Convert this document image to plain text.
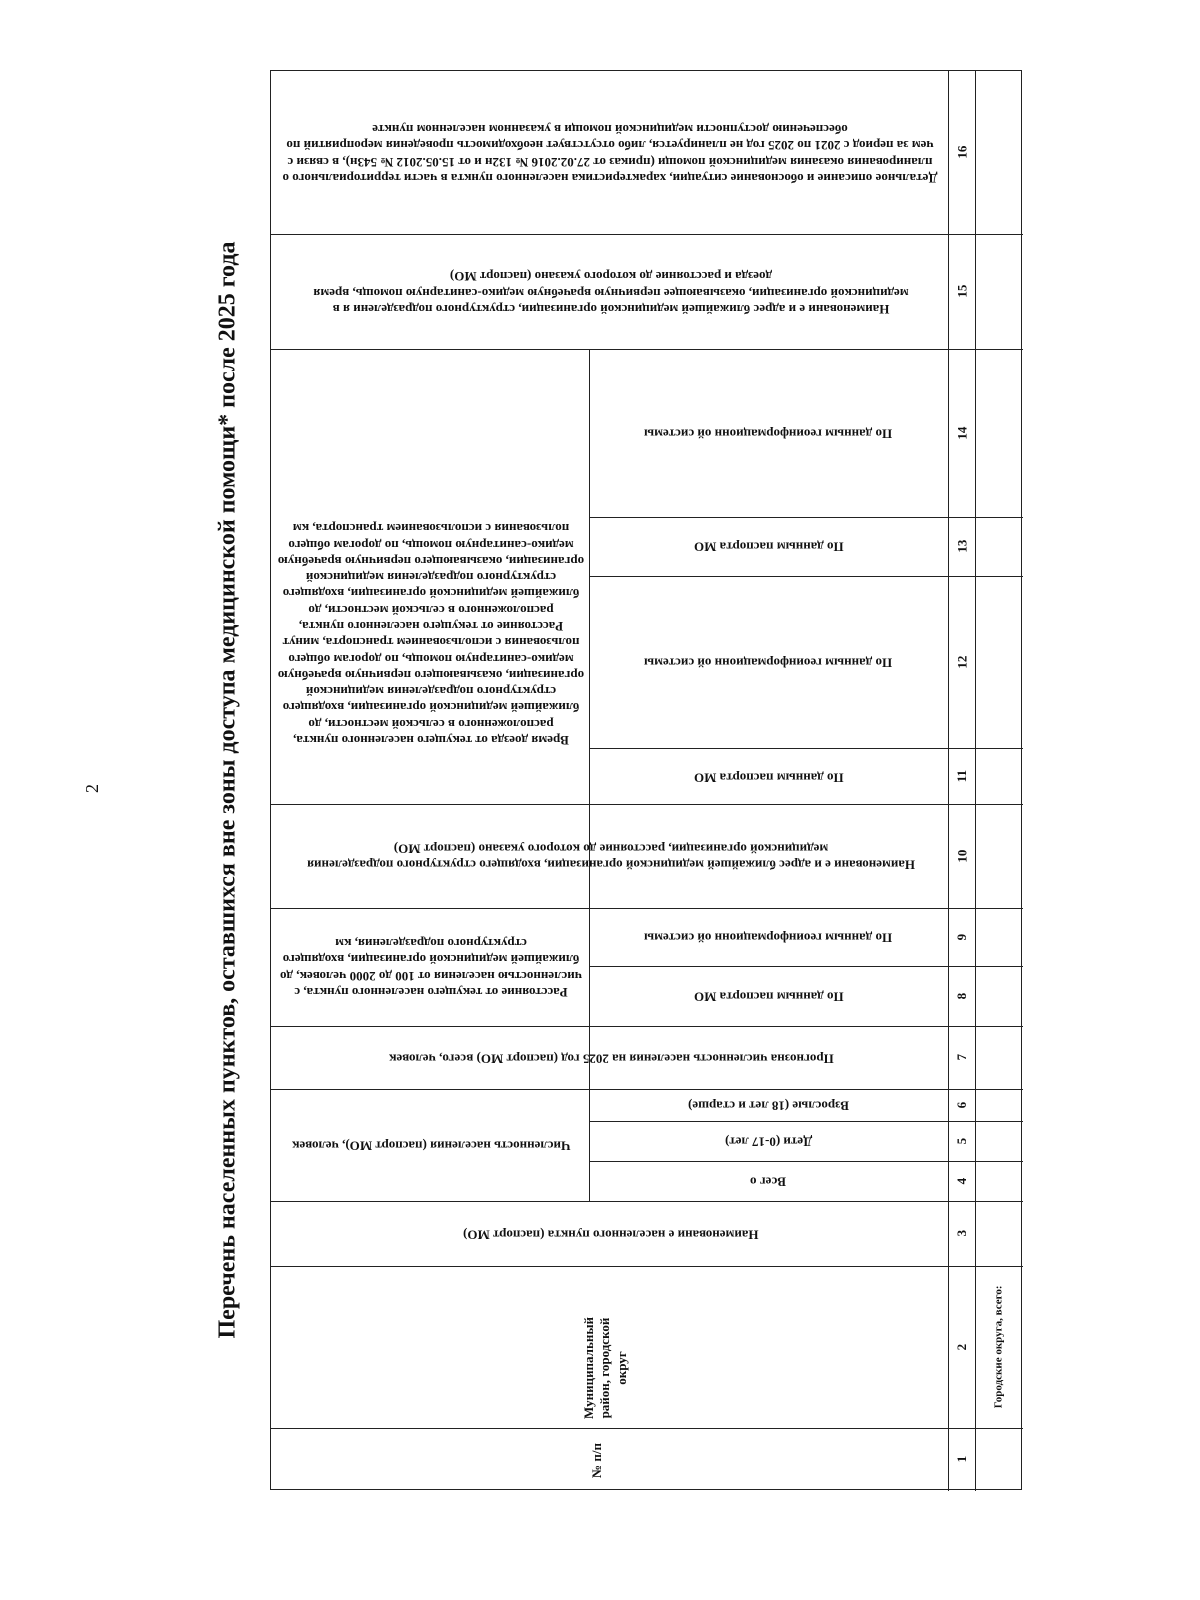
2	Перечень населенных пунктов, оставшихся вне зоны доступа медицинской помощи* после 2025 года
Детальное описание и обоснование ситуации, характеристика населенного пункта в части территориального о планирования оказания медицинской помощи (приказ от 27.02.2016 № 132н и от 15.05.2012 № 543н), в связи с чем за период с 2021 по 2025 год не планируется, либо отсутствует необходимость проведения мероприятий по обеспечению доступности медицинской помощи в указанном населенном пункте
Наименовани е и адрес ближайшей медицинской организации, структурного подразделени я в медицинской организации, оказывающее первичную врачебную медико-санитарную помощь, время доезда и расстояние до которого указано (паспорт МО)
Расстояние от текущего населенного пункта, расположенного в сельской местности, до ближайшей медицинской организации, входящего структурного подразделения медицинской организации, оказывающего первичную врачебную медико-санитарную помощь, по дорогам общего пользования с использованием транспорта, км
По данным геоинформационн ой системы
По данным паспорта МО
По данным геоинформационн ой системы
По данным паспорта МО
Время доезда от текущего населенного пункта, расположенного в сельской местности, до ближайшей медицинской организации, входящего структурного подразделения медицинской организации, оказывающего первичную врачебную медико-санитарную помощь, по дорогам общего пользования с использованием транспорта, минут
Наименовани е и адрес ближайшей медицинской организации, входящего структурного подразделения медицинской организации, расстояние до которого указано (паспорт МО)
Расстояние от текущего населенного пункта, с численностью населения от 100 до 2000 человек, до ближайшей медицинской организации, входящего структурного подразделения, км	По данным геоинформационн ой системы
По данным паспорта МО
Прогнозна численность населения на 2025 год (паспорт МО) всего, человек
Численность населения (паспорт МО), человек
Взрослые (18 лет и старше)
Дети (0-17 лет)
Всег о
Наименовани е населенного пункта (паспорт МО)
Муниципальный район, городской округ
№ п/п
16
15
14
13
12
11
10
9
8
7
6
5
4
3
2
1
Городские округа, всего:
